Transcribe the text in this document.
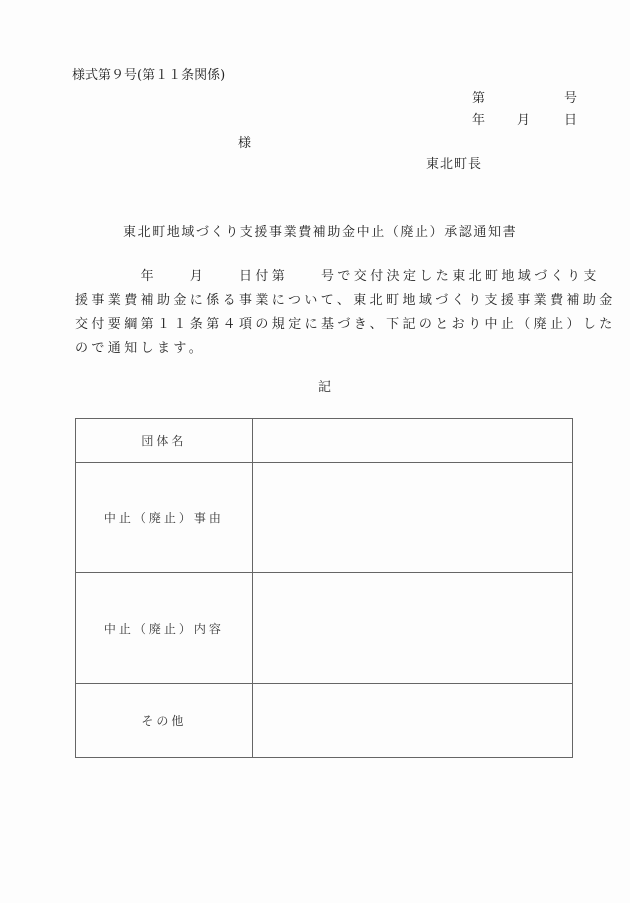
様式第９号(第１１条関係)
第	号
年 月	日
様
東北町長
東北町地域づくり支援事業費補助金中止（廃止）承認通知書
　　　　年　　月　　日付第　　号で交付決定した東北町地域づくり支
援事業費補助金に係る事業について、東北町地域づくり支援事業費補助金
交付要綱第１１条第４項の規定に基づき、下記のとおり中止（廃止）した
ので通知します。
記
団体名	
中止（廃止）事由	
中止（廃止）内容	
その他	
